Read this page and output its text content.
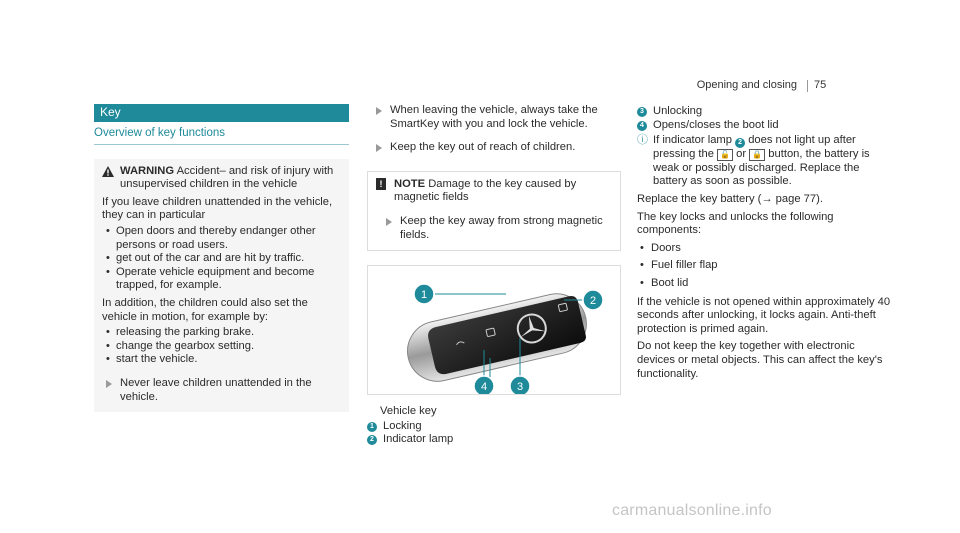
Opening and closing 75
Key
Overview of key functions
WARNING Accident– and risk of injury with unsupervised children in the vehicle

If you leave children unattended in the vehicle, they can in particular

• Open doors and thereby endanger other persons or road users.
• get out of the car and are hit by traffic.
• Operate vehicle equipment and become trapped, for example.

In addition, the children could also set the vehicle in motion, for example by:

• releasing the parking brake.
• change the gearbox setting.
• start the vehicle.
Never leave children unattended in the vehicle.
When leaving the vehicle, always take the SmartKey with you and lock the vehicle.
Keep the key out of reach of children.
!	NOTE Damage to the key caused by magnetic fields
Keep the key away from strong magnetic fields.
1	2
3
4
Vehicle key
1 Locking
2 Indicator lamp
3 Unlocking
4 Opens/closes the boot lid
ⓘ If indicator lamp 2 does not light up after pressing the 🔓 or 🔒 button, the battery is weak or possibly discharged. Replace the battery as soon as possible.

Replace the key battery (→ page 77).

The key locks and unlocks the following components:

• Doors
• Fuel filler flap
• Boot lid

If the vehicle is not opened within approximately 40 seconds after unlocking, it locks again. Anti-theft protection is primed again.

Do not keep the key together with electronic devices or metal objects. This can affect the key's functionality.

carmanualsonline.info
